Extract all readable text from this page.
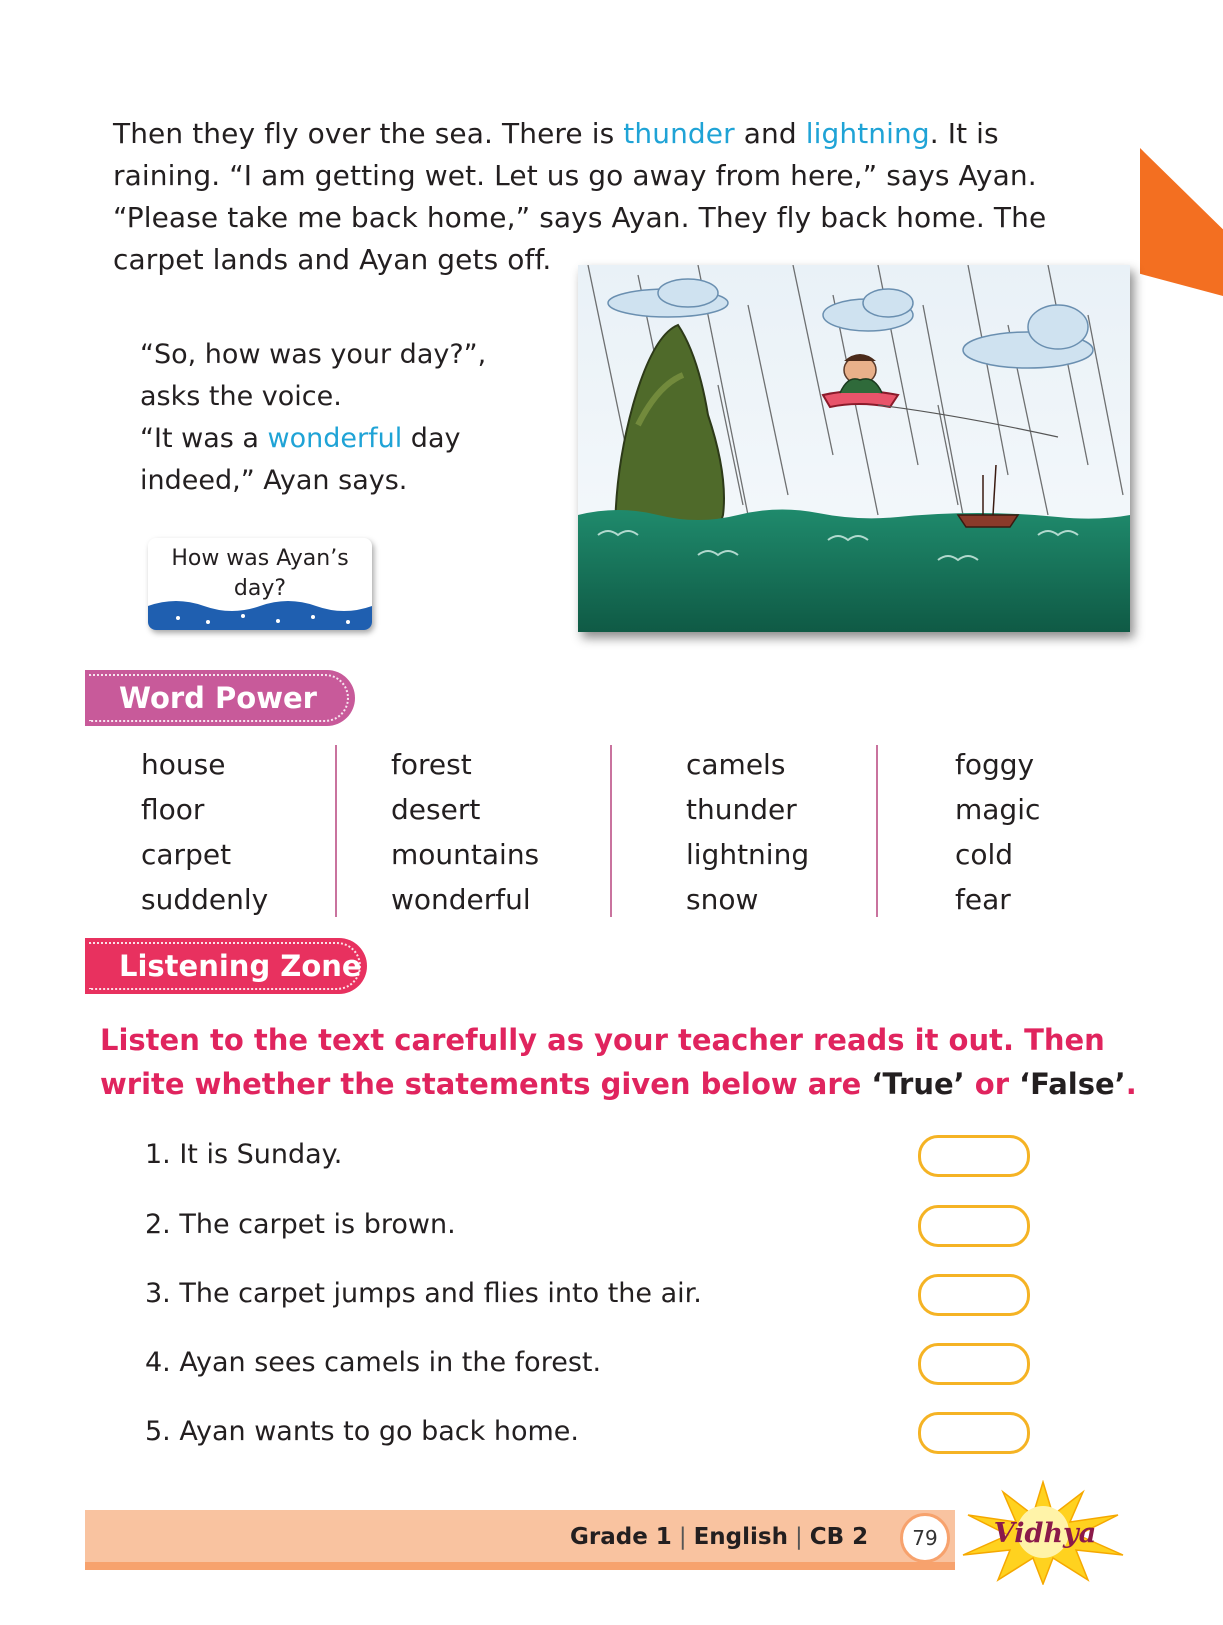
Then they fly over the sea. There is thunder and lightning. It is raining. “I am getting wet. Let us go away from here,” says Ayan. “Please take me back home,” says Ayan. They fly back home. The carpet lands and Ayan gets off.
“So, how was your day?”,
asks the voice.
“It was a wonderful day
indeed,” Ayan says.
How was Ayan’s
day?
Word Power
house
floor
carpet
suddenly
forest
desert
mountains
wonderful
camels
thunder
lightning
snow
foggy
magic
cold
fear
Listening Zone
Listen to the text carefully as your teacher reads it out. Then write whether the statements given below are ‘True’ or ‘False’.
1. It is Sunday.
2. The carpet is brown.
3. The carpet jumps and flies into the air.
4. Ayan sees camels in the forest.
5. Ayan wants to go back home.
Grade 1 | English | CB 2	79	Vidhya
